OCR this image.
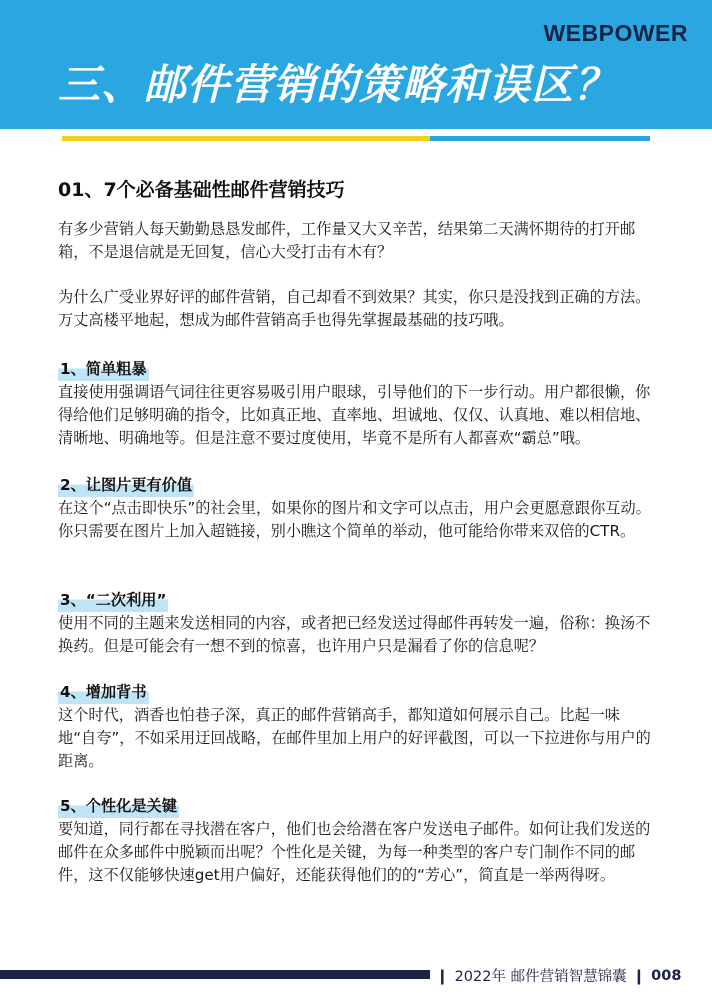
WEBPOWER
三、邮件营销的策略和误区？
01、7个必备基础性邮件营销技巧
有多少营销人每天勤勤恳恳发邮件，工作量又大又辛苦，结果第二天满怀期待的打开邮箱，不是退信就是无回复，信心大受打击有木有？
为什么广受业界好评的邮件营销，自己却看不到效果？其实，你只是没找到正确的方法。万丈高楼平地起，想成为邮件营销高手也得先掌握最基础的技巧哦。
1、简单粗暴
直接使用强调语气词往往更容易吸引用户眼球，引导他们的下一步行动。用户都很懒，你得给他们足够明确的指令，比如真正地、直率地、坦诚地、仅仅、认真地、难以相信地、清晰地、明确地等。但是注意不要过度使用，毕竟不是所有人都喜欢“霸总”哦。
2、让图片更有价值
在这个“点击即快乐”的社会里，如果你的图片和文字可以点击，用户会更愿意跟你互动。你只需要在图片上加入超链接，别小瞧这个简单的举动，他可能给你带来双倍的CTR。
3、“二次利用”
使用不同的主题来发送相同的内容，或者把已经发送过得邮件再转发一遍，俗称：换汤不换药。但是可能会有一想不到的惊喜，也许用户只是漏看了你的信息呢？
4、增加背书
这个时代，酒香也怕巷子深，真正的邮件营销高手，都知道如何展示自己。比起一味地“自夸”，不如采用迂回战略，在邮件里加上用户的好评截图，可以一下拉进你与用户的距离。
5、个性化是关键
要知道，同行都在寻找潜在客户，他们也会给潜在客户发送电子邮件。如何让我们发送的邮件在众多邮件中脱颖而出呢？个性化是关键，为每一种类型的客户专门制作不同的邮件，这不仅能够快速get用户偏好，还能获得他们的的“芳心”，简直是一举两得呀。
❙ 2022年 邮件营销智慧锦囊 ❙ 008
